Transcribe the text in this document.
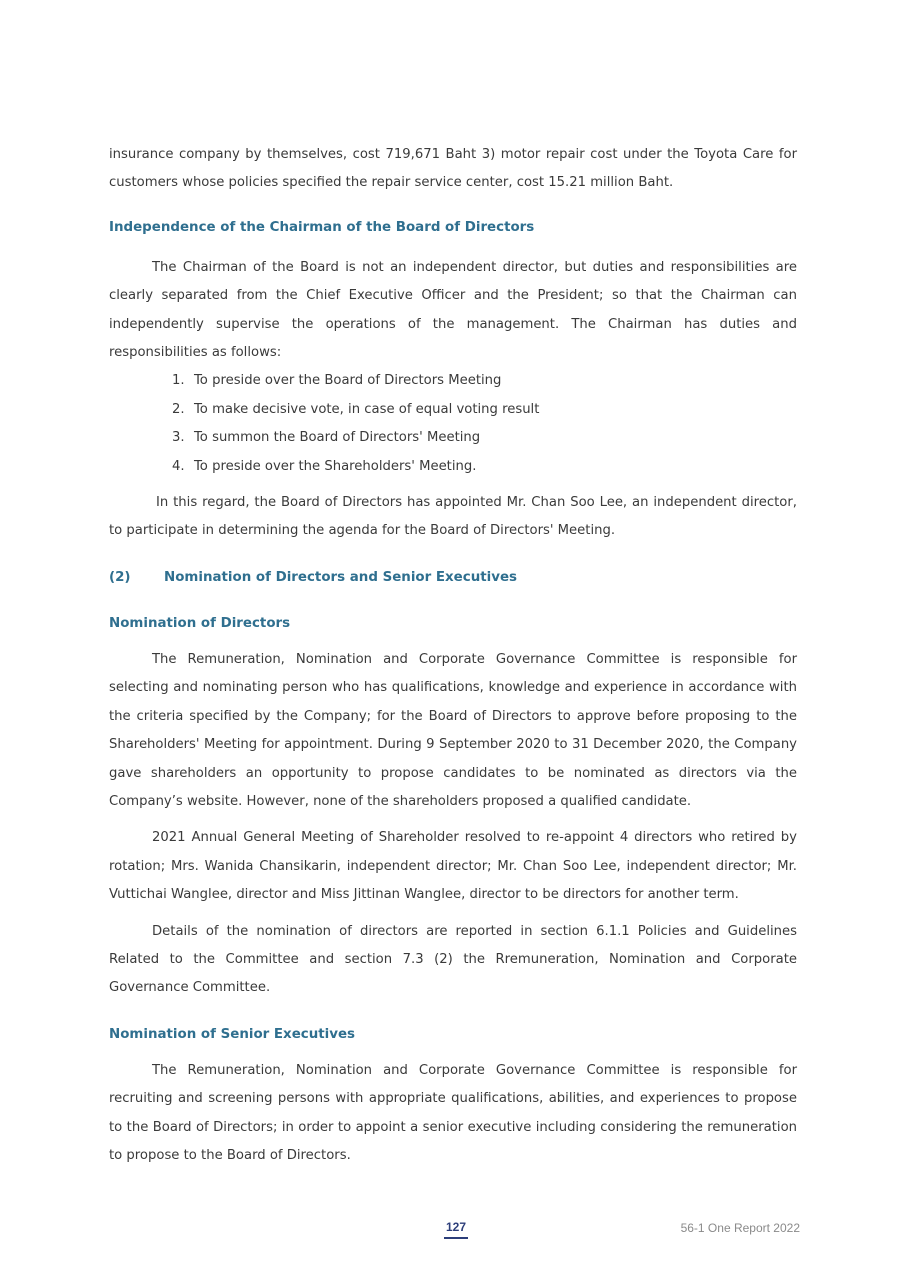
insurance company by themselves, cost 719,671 Baht 3) motor repair cost under the Toyota Care for customers whose policies specified the repair service center, cost 15.21 million Baht.

Independence of the Chairman of the Board of Directors

The Chairman of the Board is not an independent director, but duties and responsibilities are clearly separated from the Chief Executive Officer and the President; so that the Chairman can independently supervise the operations of the management. The Chairman has duties and responsibilities as follows:

1. To preside over the Board of Directors Meeting
2. To make decisive vote, in case of equal voting result
3. To summon the Board of Directors' Meeting
4. To preside over the Shareholders' Meeting.

In this regard, the Board of Directors has appointed Mr. Chan Soo Lee, an independent director, to participate in determining the agenda for the Board of Directors' Meeting.

(2) Nomination of Directors and Senior Executives
Nomination of Directors

The Remuneration, Nomination and Corporate Governance Committee is responsible for selecting and nominating person who has qualifications, knowledge and experience in accordance with the criteria specified by the Company; for the Board of Directors to approve before proposing to the Shareholders' Meeting for appointment. During 9 September 2020 to 31 December 2020, the Company gave shareholders an opportunity to propose candidates to be nominated as directors via the Company’s website. However, none of the shareholders proposed a qualified candidate.

2021 Annual General Meeting of Shareholder resolved to re-appoint 4 directors who retired by rotation; Mrs. Wanida Chansikarin, independent director; Mr. Chan Soo Lee, independent director; Mr. Vuttichai Wanglee, director and Miss Jittinan Wanglee, director to be directors for another term.

Details of the nomination of directors are reported in section 6.1.1 Policies and Guidelines Related to the Committee and section 7.3 (2) the Rremuneration, Nomination and Corporate Governance Committee.

Nomination of Senior Executives

The Remuneration, Nomination and Corporate Governance Committee is responsible for recruiting and screening persons with appropriate qualifications, abilities, and experiences to propose to the Board of Directors; in order to appoint a senior executive including considering the remuneration to propose to the Board of Directors.

127	56-1 One Report 2022
